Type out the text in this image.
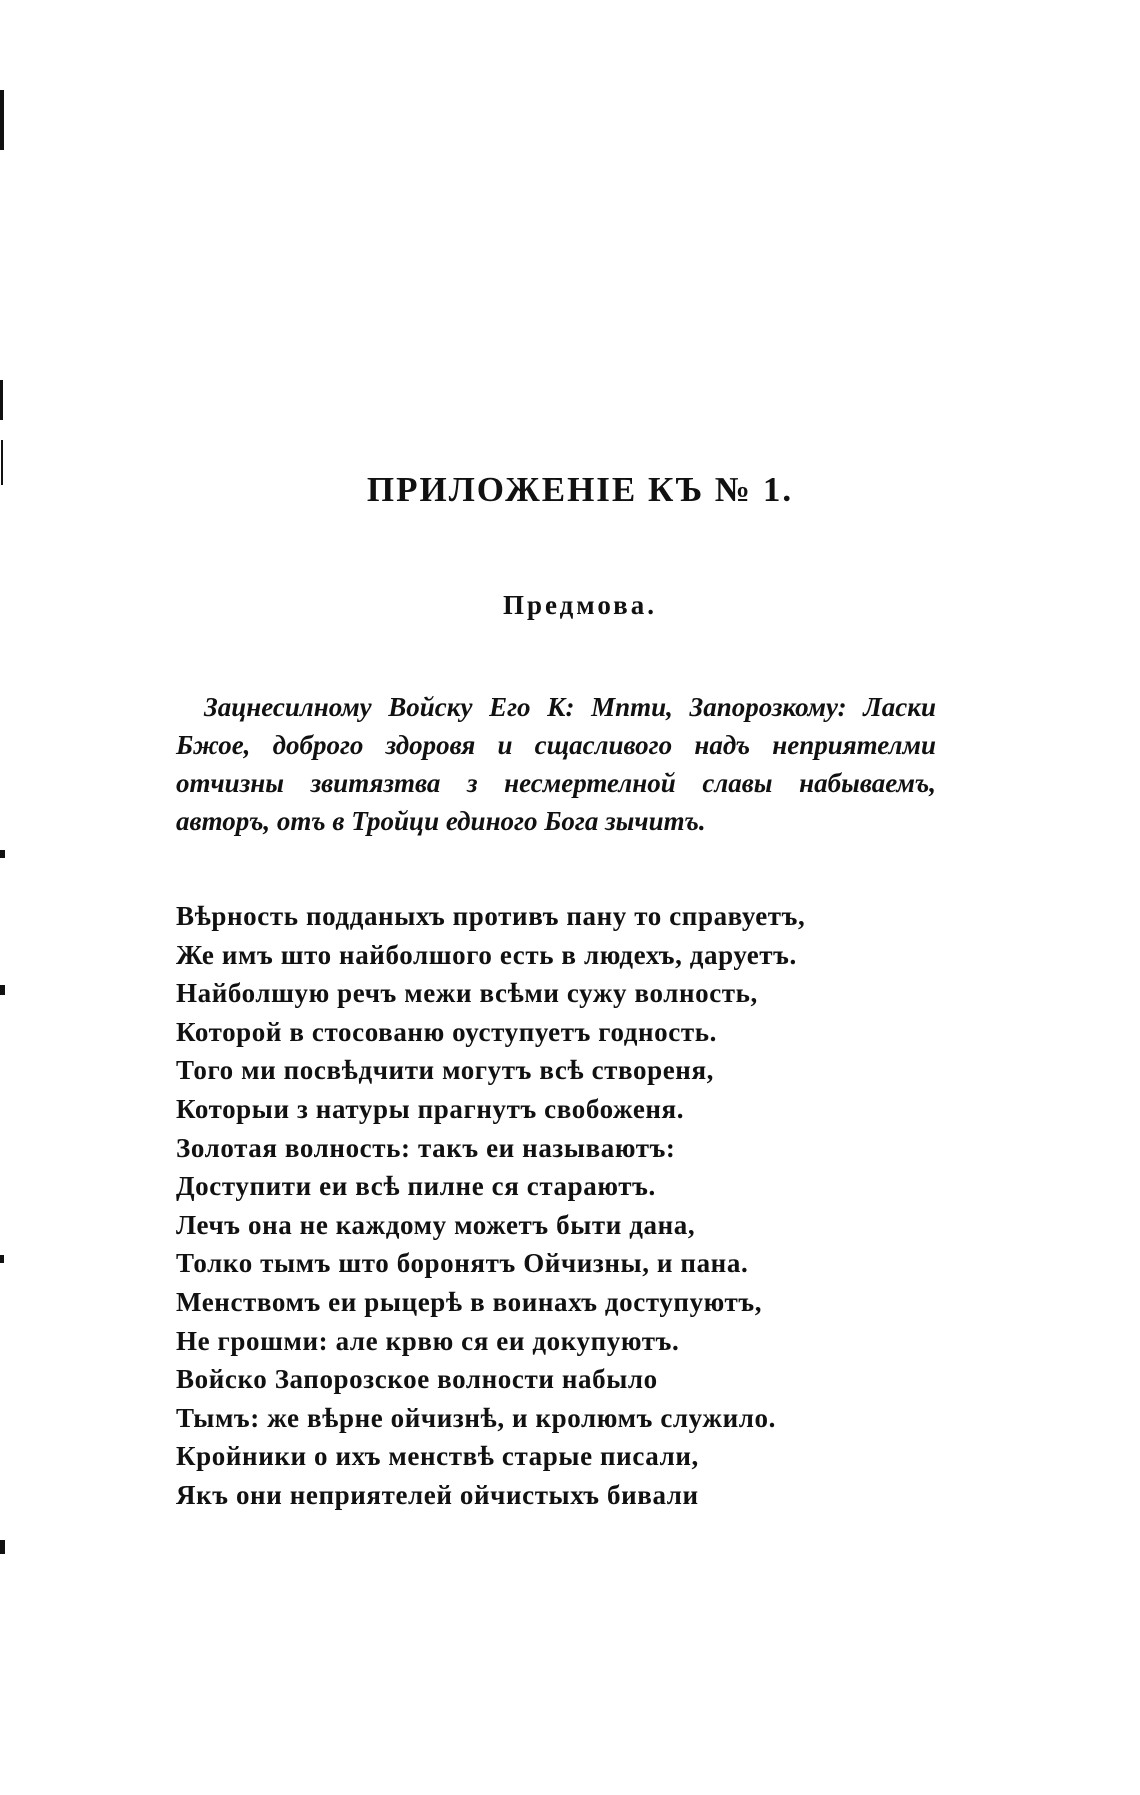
ПРИЛОЖЕНІЕ КЪ № 1.
Предмова.
Зацнесилному Войску Его К: Мпти, Запорозкому: Ласки
Бжое, доброго здоровя и сщасливого надъ неприятелми
отчизны звитязтва з несмертелной славы набываемъ,
авторъ, отъ в Тройци единого Бога зычитъ.
Вѣрность подданыхъ противъ пану то справуетъ,
Же имъ што найболшого есть в людехъ, даруетъ.
Найболшую речъ межи всѣми сужу волность,
Которой в стосованю оуступуетъ годность.
Того ми посвѣдчити могутъ всѣ створеня,
Которыи з натуры прагнутъ свобоженя.
Золотая волность: такъ еи называютъ:
Доступити еи всѣ пилне ся стараютъ.
Лечъ она не каждому можетъ быти дана,
Толко тымъ што боронятъ Ойчизны, и пана.
Менствомъ еи рыцерѣ в воинахъ доступуютъ,
Не грошми: але крвю ся еи докупуютъ.
Войско Запорозское волности набыло
Тымъ: же вѣрне ойчизнѣ, и кролюмъ служило.
Кройники о ихъ менствѣ старые писали,
Якъ они неприятелей ойчистыхъ бивали
